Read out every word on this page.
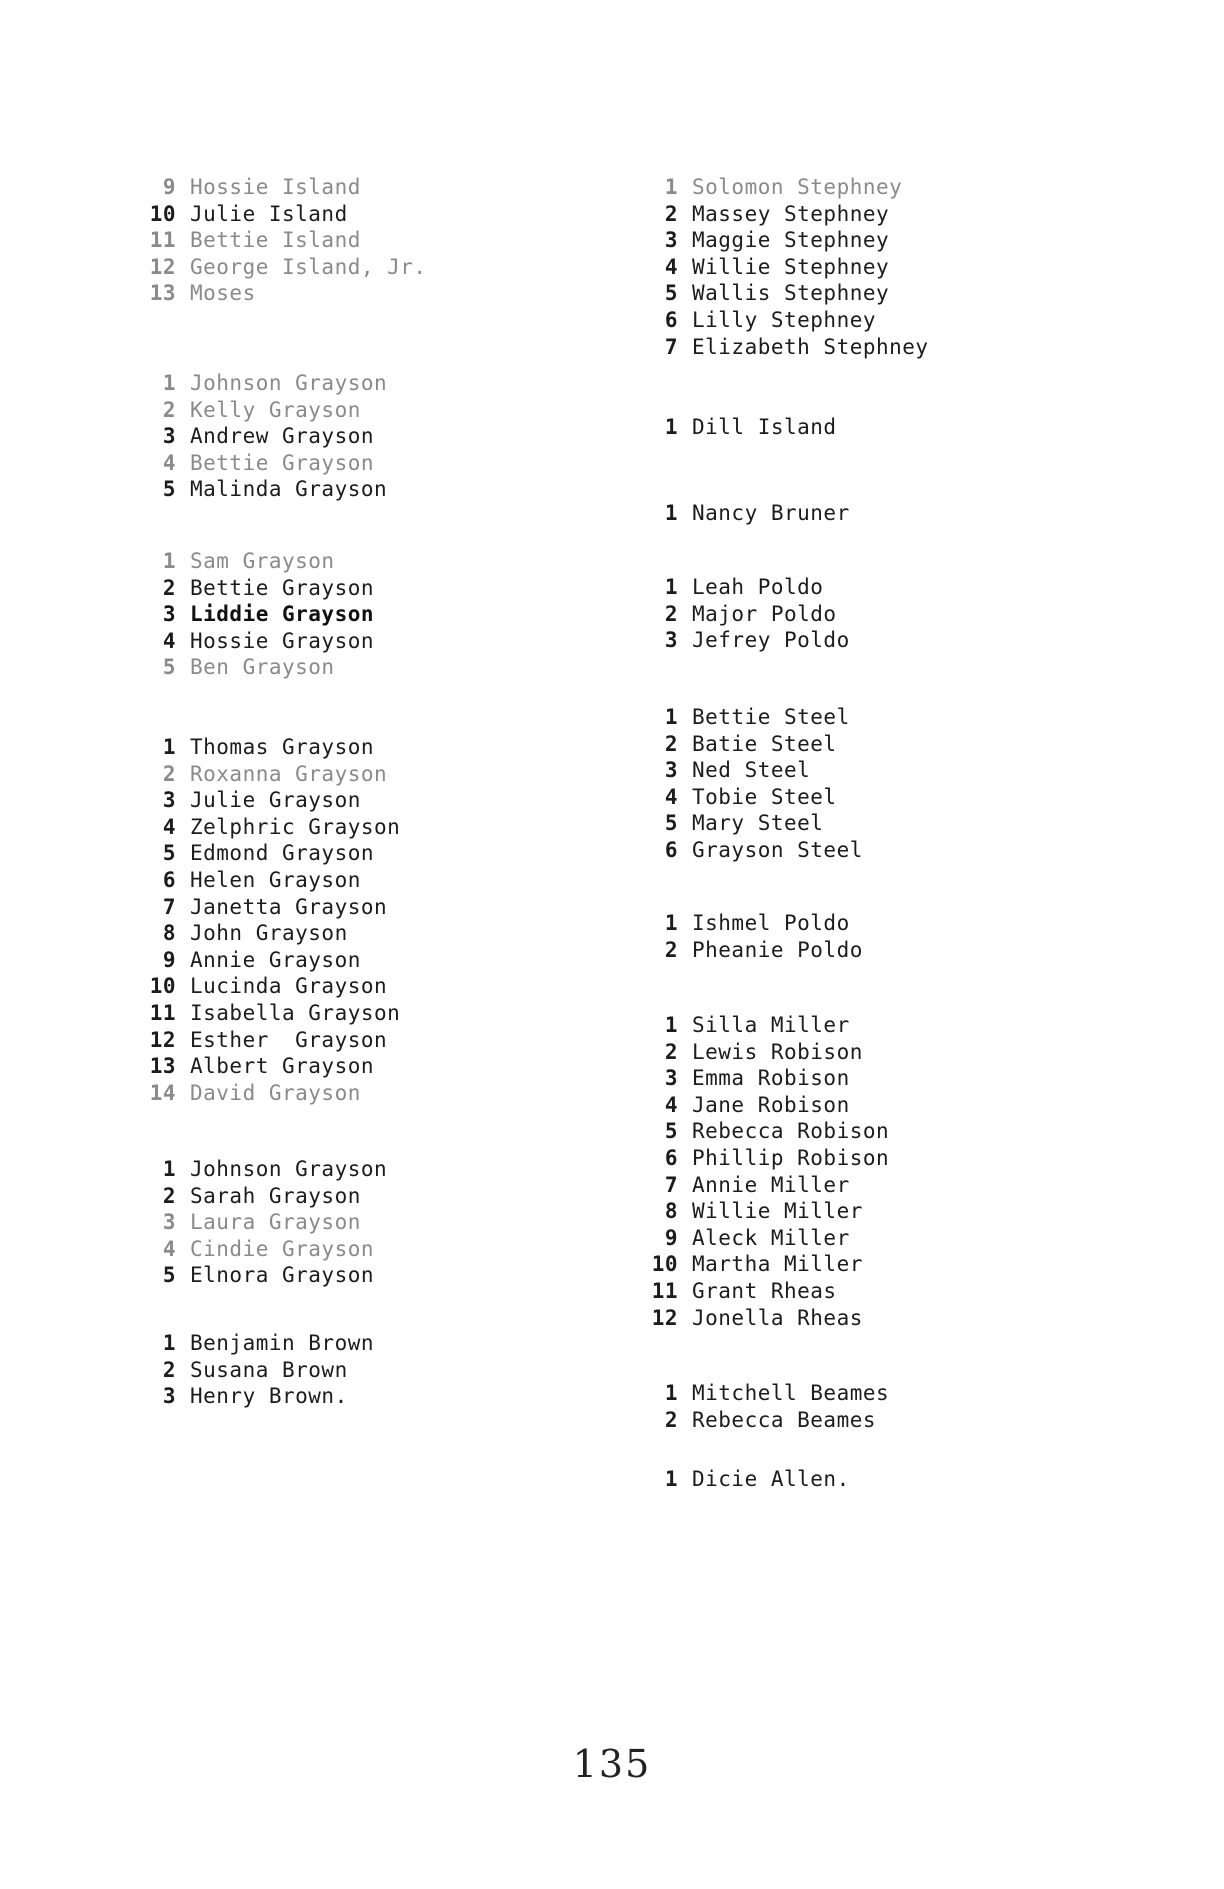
9 Hossie Island
10 Julie Island
11 Bettie Island
12 George Island, Jr.
13 Moses
1 Johnson Grayson
2 Kelly Grayson
3 Andrew Grayson
4 Bettie Grayson
5 Malinda Grayson
1 Sam Grayson
2 Bettie Grayson
3 Liddie Grayson
4 Hossie Grayson
5 Ben Grayson
1 Thomas Grayson
2 Roxanna Grayson
3 Julie Grayson
4 Zelphric Grayson
5 Edmond Grayson
6 Helen Grayson
7 Janetta Grayson
8 John Grayson
9 Annie Grayson
10 Lucinda Grayson
11 Isabella Grayson
12 Esther  Grayson
13 Albert Grayson
14 David Grayson
1 Johnson Grayson
2 Sarah Grayson
3 Laura Grayson
4 Cindie Grayson
5 Elnora Grayson
1 Benjamin Brown
2 Susana Brown
3 Henry Brown.
1 Solomon Stephney
2 Massey Stephney
3 Maggie Stephney
4 Willie Stephney
5 Wallis Stephney
6 Lilly Stephney
7 Elizabeth Stephney
1 Dill Island
1 Nancy Bruner
1 Leah Poldo
2 Major Poldo
3 Jefrey Poldo
1 Bettie Steel
2 Batie Steel
3 Ned Steel
4 Tobie Steel
5 Mary Steel
6 Grayson Steel
1 Ishmel Poldo
2 Pheanie Poldo
1 Silla Miller
2 Lewis Robison
3 Emma Robison
4 Jane Robison
5 Rebecca Robison
6 Phillip Robison
7 Annie Miller
8 Willie Miller
9 Aleck Miller
10 Martha Miller
11 Grant Rheas
12 Jonella Rheas
1 Mitchell Beames
2 Rebecca Beames
1 Dicie Allen.
135
